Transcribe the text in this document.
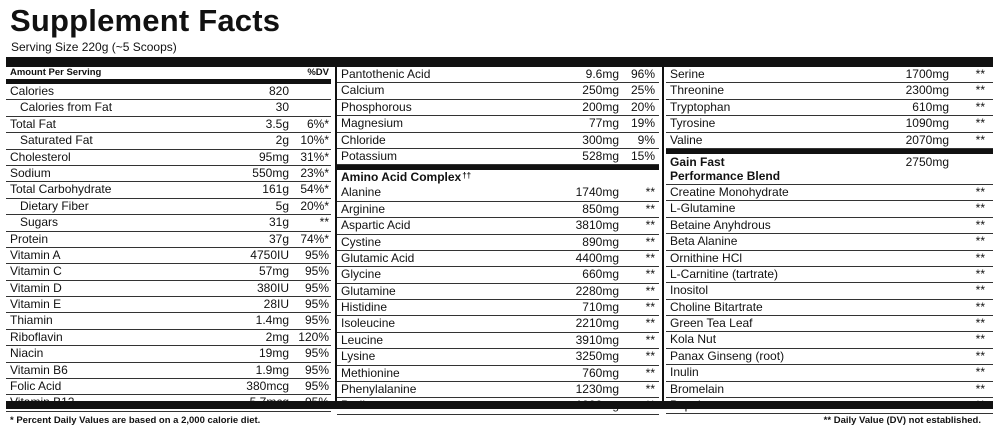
Supplement Facts
Serving Size 220g (~5 Scoops)
Amount Per Serving	%DV
Calories	820
Calories from Fat	30
Total Fat	3.5g 6%*
Saturated Fat	2g 10%*
Cholesterol	95mg 31%*
Sodium	550mg 23%*
Total Carbohydrate	161g 54%*
Dietary Fiber	5g 20%*
Sugars	31g	**
Protein	37g 74%*
Vitamin A	4750IU 95%
Vitamin C	57mg 95%
Vitamin D	380IU 95%
Vitamin E	28IU 95%
Thiamin	1.4mg 95%
Riboflavin	2mg 120%
Niacin	19mg 95%
Vitamin B6	1.9mg 95%
Folic Acid	380mcg 95%
Pantothenic Acid	9.6mg 96%
Calcium	250mg 25%
Phosphorous	200mg 20%
Magnesium	77mg 19%
Chloride	300mg 9%
Potassium	528mg 15%
Amino Acid Complex††
Alanine	1740mg **
Arginine	850mg **
Aspartic Acid	3810mg **
Cystine	890mg **
Glutamic Acid	4400mg **
Glycine	660mg **
Glutamine	2280mg **
Histidine	710mg **
Isoleucine	2210mg **
Leucine	3910mg **
Lysine	3250mg **
Methionine	760mg **
Phenylalanine	1230mg **
Serine	1700mg **
Threonine	2300mg **
Tryptophan	610mg **
Tyrosine	1090mg **
Valine	2070mg **
Gain Fast
Performance Blend
2750mg
Creatine Monohydrate	**
L-Glutamine	**
Betaine Anyhdrous	**
Beta Alanine	**
Ornithine HCl	**
L-Carnitine (tartrate)	**
Inositol	**
Choline Bitartrate	**
Green Tea Leaf	**
Kola Nut	**
Panax Ginseng (root)	**
Inulin	**
Bromelain	**
* Percent Daily Values are based on a 2,000 calorie diet.	** Daily Value (DV) not established.
